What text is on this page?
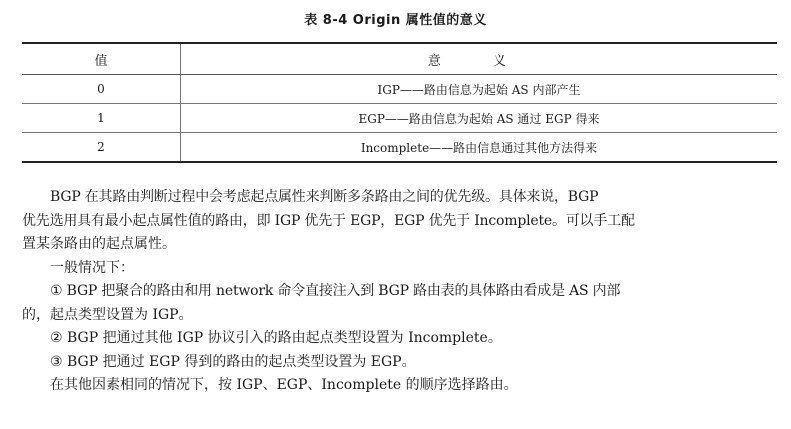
表 8-4 Origin 属性值的意义
值	意 义
0	IGP——路由信息为起始 AS 内部产生
1	EGP——路由信息为起始 AS 通过 EGP 得来
2	Incomplete——路由信息通过其他方法得来

BGP 在其路由判断过程中会考虑起点属性来判断多条路由之间的优先级。具体来说，BGP

优先选用具有最小起点属性值的路由，即 IGP 优先于 EGP，EGP 优先于 Incomplete。可以手工配

置某条路由的起点属性。

一般情况下：

① BGP 把聚合的路由和用 network 命令直接注入到 BGP 路由表的具体路由看成是 AS 内部

的，起点类型设置为 IGP。

② BGP 把通过其他 IGP 协议引入的路由起点类型设置为 Incomplete。

③ BGP 把通过 EGP 得到的路由的起点类型设置为 EGP。

在其他因素相同的情况下，按 IGP、EGP、Incomplete 的顺序选择路由。
